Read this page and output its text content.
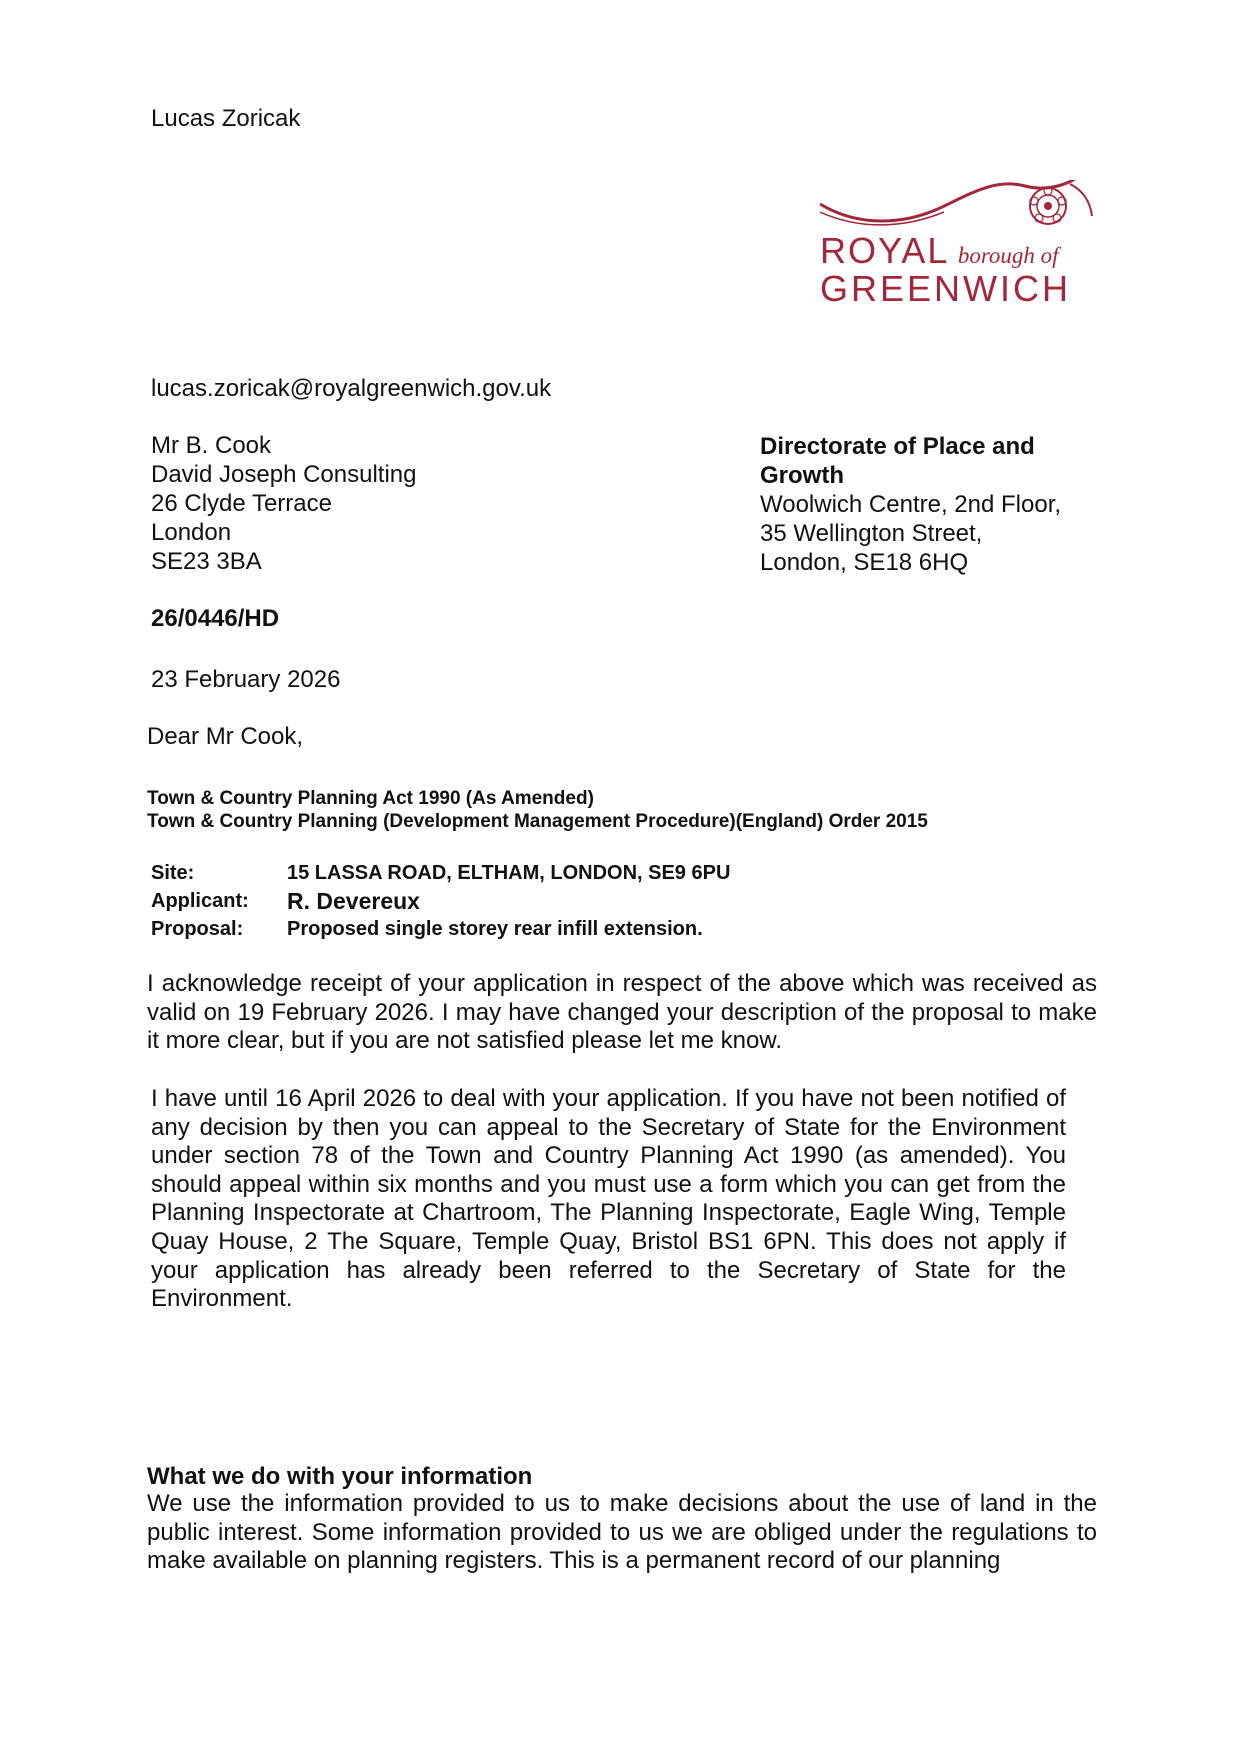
Lucas Zoricak
ROYAL borough of
GREENWICH
lucas.zoricak@royalgreenwich.gov.uk
Mr B. Cook
David Joseph Consulting
26 Clyde Terrace
London
SE23 3BA
Directorate of Place and
Growth
Woolwich Centre, 2nd Floor,
35 Wellington Street,
London, SE18 6HQ
26/0446/HD
23 February 2026
Dear Mr Cook,
Town & Country Planning Act 1990 (As Amended)
Town & Country Planning (Development Management Procedure)(England) Order 2015
Site:	15 LASSA ROAD, ELTHAM, LONDON, SE9 6PU
Applicant:	R. Devereux
Proposal:	Proposed single storey rear infill extension.
I acknowledge receipt of your application in respect of the above which was received as valid on 19 February 2026. I may have changed your description of the proposal to make it more clear, but if you are not satisfied please let me know.
I have until 16 April 2026 to deal with your application. If you have not been notified of any decision by then you can appeal to the Secretary of State for the Environment under section 78 of the Town and Country Planning Act 1990 (as amended). You should appeal within six months and you must use a form which you can get from the Planning Inspectorate at Chartroom, The Planning Inspectorate, Eagle Wing, Temple Quay House, 2 The Square, Temple Quay, Bristol BS1 6PN. This does not apply if your application has already been referred to the Secretary of State for the Environment.
What we do with your information
We use the information provided to us to make decisions about the use of land in the public interest. Some information provided to us we are obliged under the regulations to make available on planning registers. This is a permanent record of our planning
